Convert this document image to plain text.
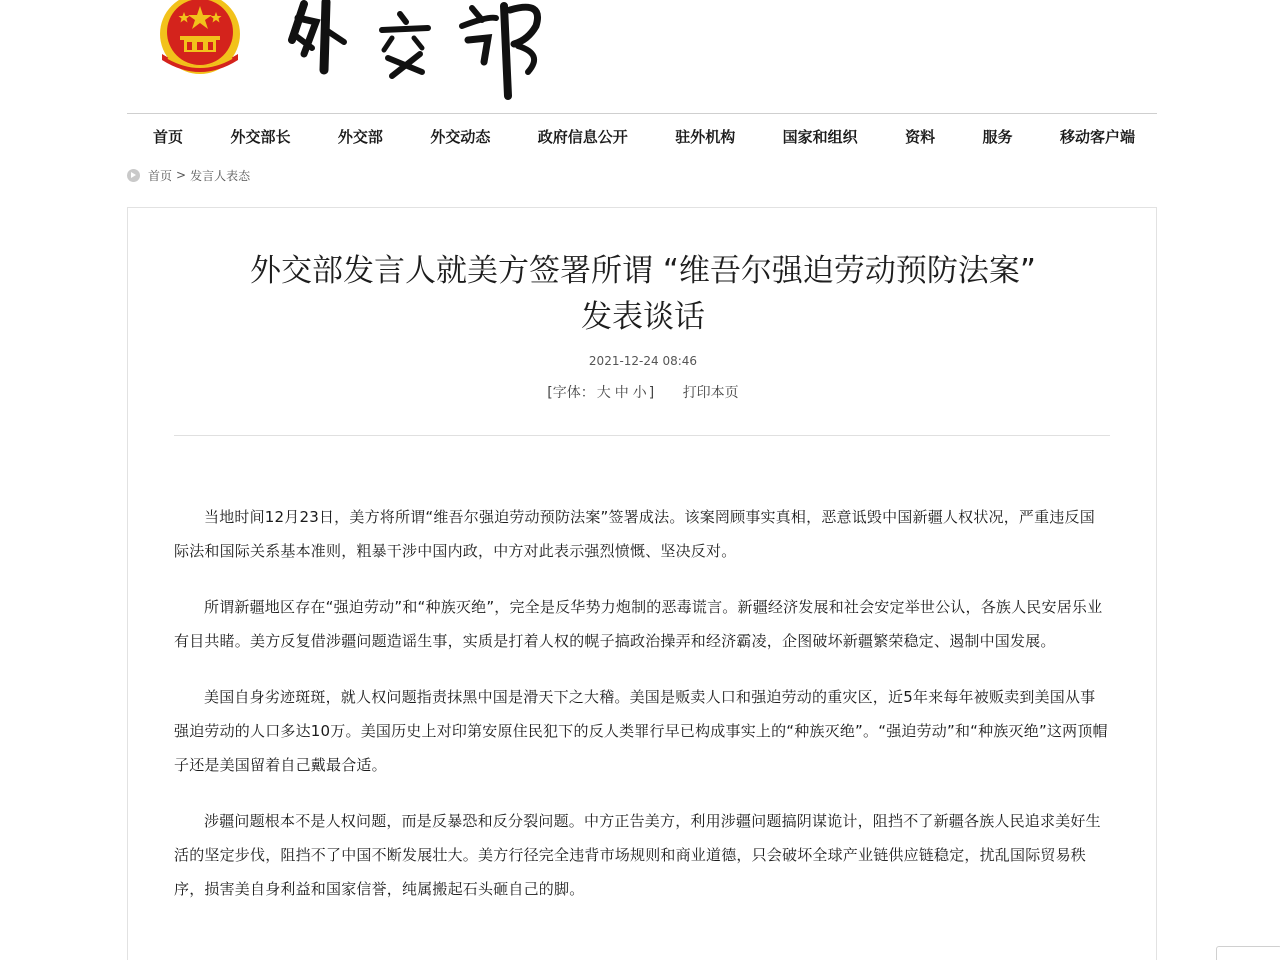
首页	外交部长	外交部	外交动态	政府信息公开	驻外机构	国家和组织	资料	服务	移动客户端
首页 > 发言人表态
外交部发言人就美方签署所谓 “维吾尔强迫劳动预防法案”
发表谈话
2021-12-24 08:46
[字体： 大 中 小 ] 打印本页

当地时间12月23日，美方将所谓“维吾尔强迫劳动预防法案”签署成法。该案罔顾事实真相，恶意诋毁中国新疆人权状况，严重违反国际法和国际关系基本准则，粗暴干涉中国内政，中方对此表示强烈愤慨、坚决反对。

所谓新疆地区存在“强迫劳动”和“种族灭绝”，完全是反华势力炮制的恶毒谎言。新疆经济发展和社会安定举世公认，各族人民安居乐业有目共睹。美方反复借涉疆问题造谣生事，实质是打着人权的幌子搞政治操弄和经济霸凌，企图破坏新疆繁荣稳定、遏制中国发展。

美国自身劣迹斑斑，就人权问题指责抹黑中国是滑天下之大稽。美国是贩卖人口和强迫劳动的重灾区，近5年来每年被贩卖到美国从事强迫劳动的人口多达10万。美国历史上对印第安原住民犯下的反人类罪行早已构成事实上的“种族灭绝”。“强迫劳动”和“种族灭绝”这两顶帽子还是美国留着自己戴最合适。

涉疆问题根本不是人权问题，而是反暴恐和反分裂问题。中方正告美方，利用涉疆问题搞阴谋诡计，阻挡不了新疆各族人民追求美好生活的坚定步伐，阻挡不了中国不断发展壮大。美方行径完全违背市场规则和商业道德，只会破坏全球产业链供应链稳定，扰乱国际贸易秩序，损害美自身利益和国家信誉，纯属搬起石头砸自己的脚。
